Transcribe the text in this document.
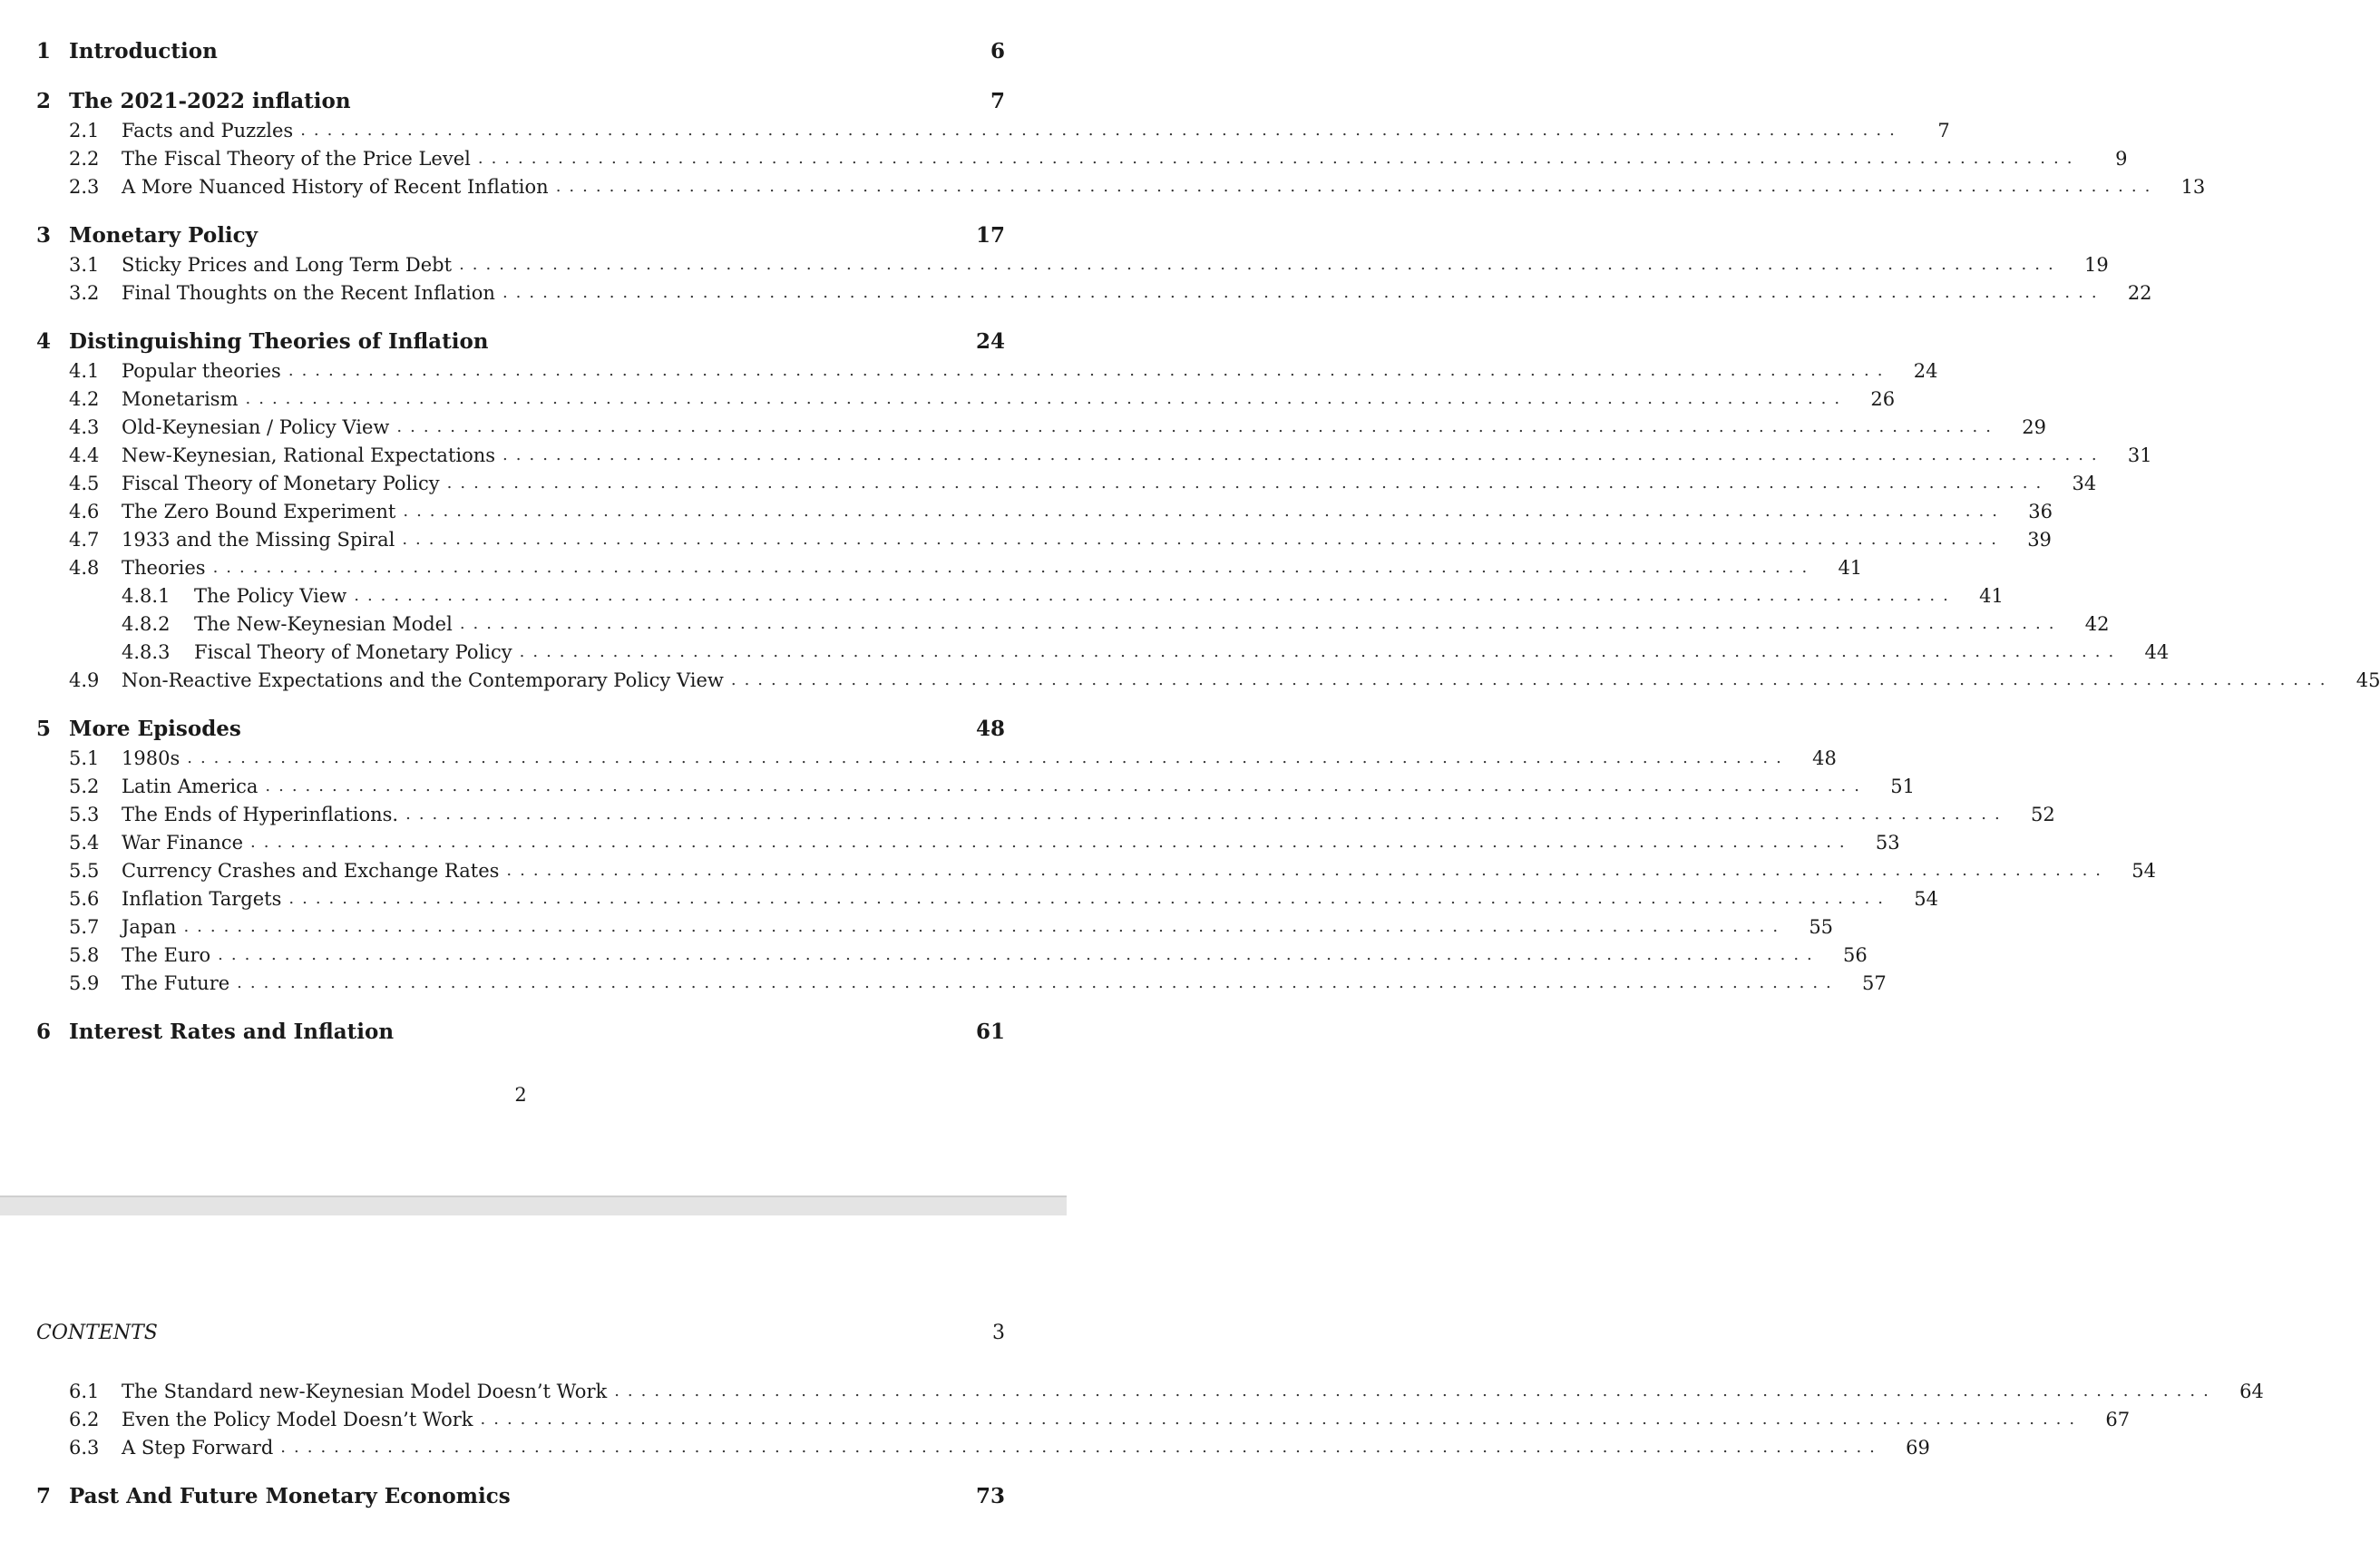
1 Introduction	6
2 The 2021-2022 inflation	7
2.1	Facts and Puzzles ........................................................................................................................	7
2.2	The Fiscal Theory of the Price Level ........................................................................................................................	9
2.3	A More Nuanced History of Recent Inflation ........................................................................................................................	13
3 Monetary Policy	17
3.1	Sticky Prices and Long Term Debt ........................................................................................................................	19
3.2	Final Thoughts on the Recent Inflation ........................................................................................................................	22
4 Distinguishing Theories of Inflation	24
4.1	Popular theories ........................................................................................................................	24
4.2	Monetarism ........................................................................................................................	26
4.3	Old-Keynesian / Policy View ........................................................................................................................	29
4.4	New-Keynesian, Rational Expectations ........................................................................................................................	31
4.5	Fiscal Theory of Monetary Policy ........................................................................................................................	34
4.6	The Zero Bound Experiment ........................................................................................................................	36
4.7	1933 and the Missing Spiral ........................................................................................................................	39
4.8	Theories ........................................................................................................................	41
4.8.1	The Policy View ........................................................................................................................	41
4.8.2	The New-Keynesian Model ........................................................................................................................	42
4.8.3	Fiscal Theory of Monetary Policy ........................................................................................................................	44
4.9	Non-Reactive Expectations and the Contemporary Policy View ........................................................................................................................	45
5 More Episodes	48
5.1	1980s ........................................................................................................................	48
5.2	Latin America ........................................................................................................................	51
5.3	The Ends of Hyperinflations. ........................................................................................................................	52
5.4	War Finance ........................................................................................................................	53
5.5	Currency Crashes and Exchange Rates ........................................................................................................................	54
5.6	Inflation Targets ........................................................................................................................	54
5.7	Japan ........................................................................................................................	55
5.8	The Euro ........................................................................................................................	56
5.9	The Future ........................................................................................................................	57
6 Interest Rates and Inflation	61
2
CONTENTS	3
6.1	The Standard new-Keynesian Model Doesn’t Work ........................................................................................................................	64
6.2	Even the Policy Model Doesn’t Work ........................................................................................................................	67
6.3	A Step Forward ........................................................................................................................	69
7 Past And Future Monetary Economics	73
